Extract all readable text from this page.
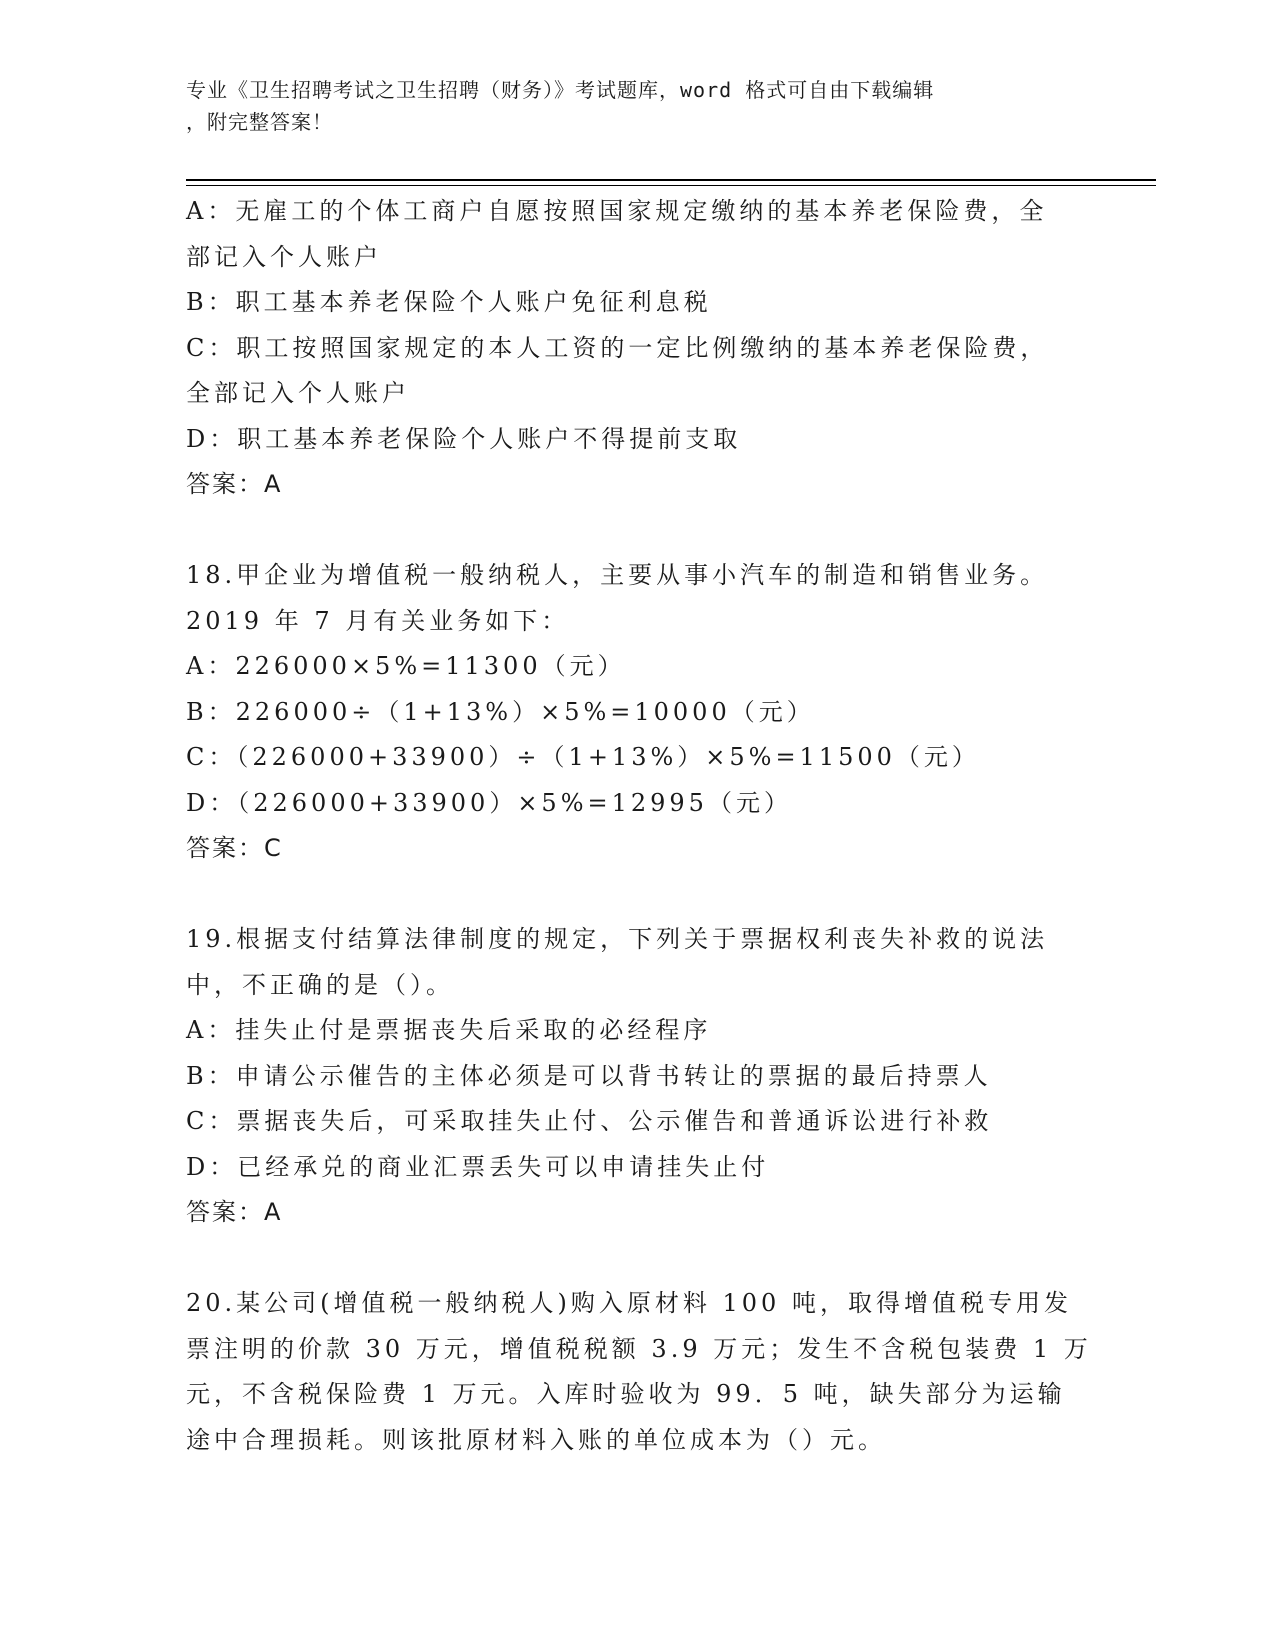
专业《卫生招聘考试之卫生招聘（财务）》考试题库，word 格式可自由下载编辑
，附完整答案！
A：无雇工的个体工商户自愿按照国家规定缴纳的基本养老保险费，全
部记入个人账户
B：职工基本养老保险个人账户免征利息税
C：职工按照国家规定的本人工资的一定比例缴纳的基本养老保险费，
全部记入个人账户
D：职工基本养老保险个人账户不得提前支取
答案：A
18.甲企业为增值税一般纳税人，主要从事小汽车的制造和销售业务。
2019 年 7 月有关业务如下：
A：226000×5%=11300（元）
B：226000÷（1+13%）×5%=10000（元）
C：（226000+33900）÷（1+13%）×5%=11500（元）
D：（226000+33900）×5%=12995（元）
答案：C
19.根据支付结算法律制度的规定，下列关于票据权利丧失补救的说法
中，不正确的是（）。
A：挂失止付是票据丧失后采取的必经程序
B：申请公示催告的主体必须是可以背书转让的票据的最后持票人
C：票据丧失后，可采取挂失止付、公示催告和普通诉讼进行补救
D：已经承兑的商业汇票丢失可以申请挂失止付
答案：A
20.某公司(增值税一般纳税人)购入原材料 100 吨，取得增值税专用发
票注明的价款 30 万元，增值税税额 3.9 万元；发生不含税包装费 1 万
元，不含税保险费 1 万元。入库时验收为 99．5 吨，缺失部分为运输
途中合理损耗。则该批原材料入账的单位成本为（）元。
